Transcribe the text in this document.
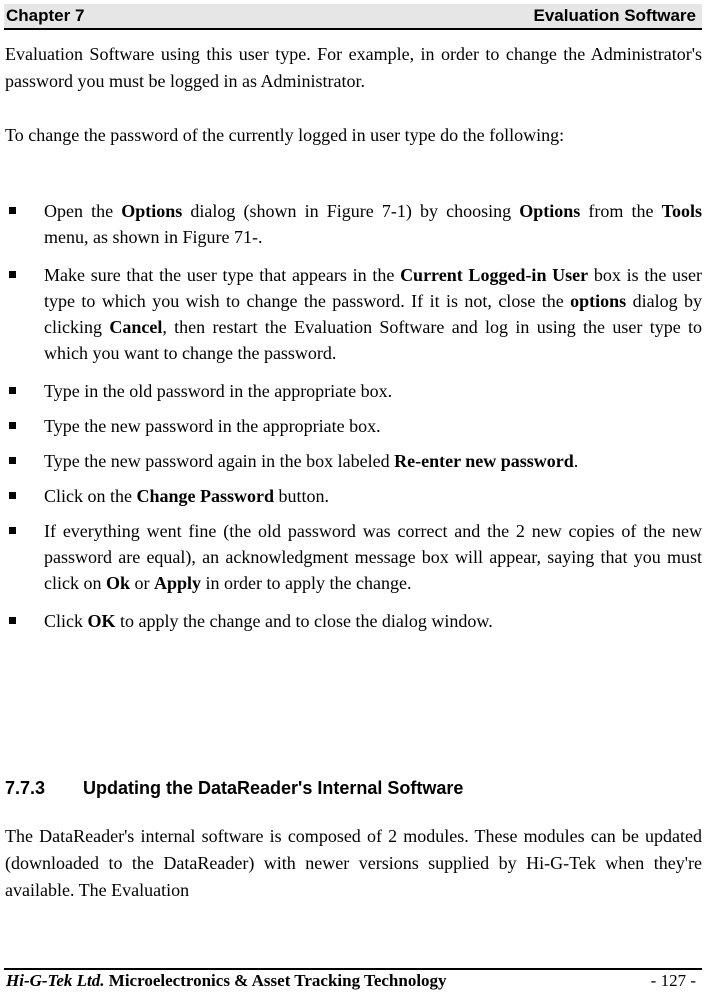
Chapter 7	Evaluation Software

Evaluation Software using this user type. For example, in order to change the Administrator's password you must be logged in as Administrator.

To change the password of the currently logged in user type do the following:

Open the Options dialog (shown in Figure 7-1) by choosing Options from the Tools menu, as shown in Figure 71-.
Make sure that the user type that appears in the Current Logged-in User box is the user type to which you wish to change the password. If it is not, close the options dialog by clicking Cancel, then restart the Evaluation Software and log in using the user type to which you want to change the password.
Type in the old password in the appropriate box.
Type the new password in the appropriate box.
Type the new password again in the box labeled Re-enter new password.
Click on the Change Password button.
If everything went fine (the old password was correct and the 2 new copies of the new password are equal), an acknowledgment message box will appear, saying that you must click on Ok or Apply in order to apply the change.
Click OK to apply the change and to close the dialog window.
7.7.3 Updating the DataReader's Internal Software

The DataReader's internal software is composed of 2 modules. These modules can be updated (downloaded to the DataReader) with newer versions supplied by Hi-G-Tek when they're available. The Evaluation

Hi-G-Tek Ltd. Microelectronics & Asset Tracking Technology	- 127 -
